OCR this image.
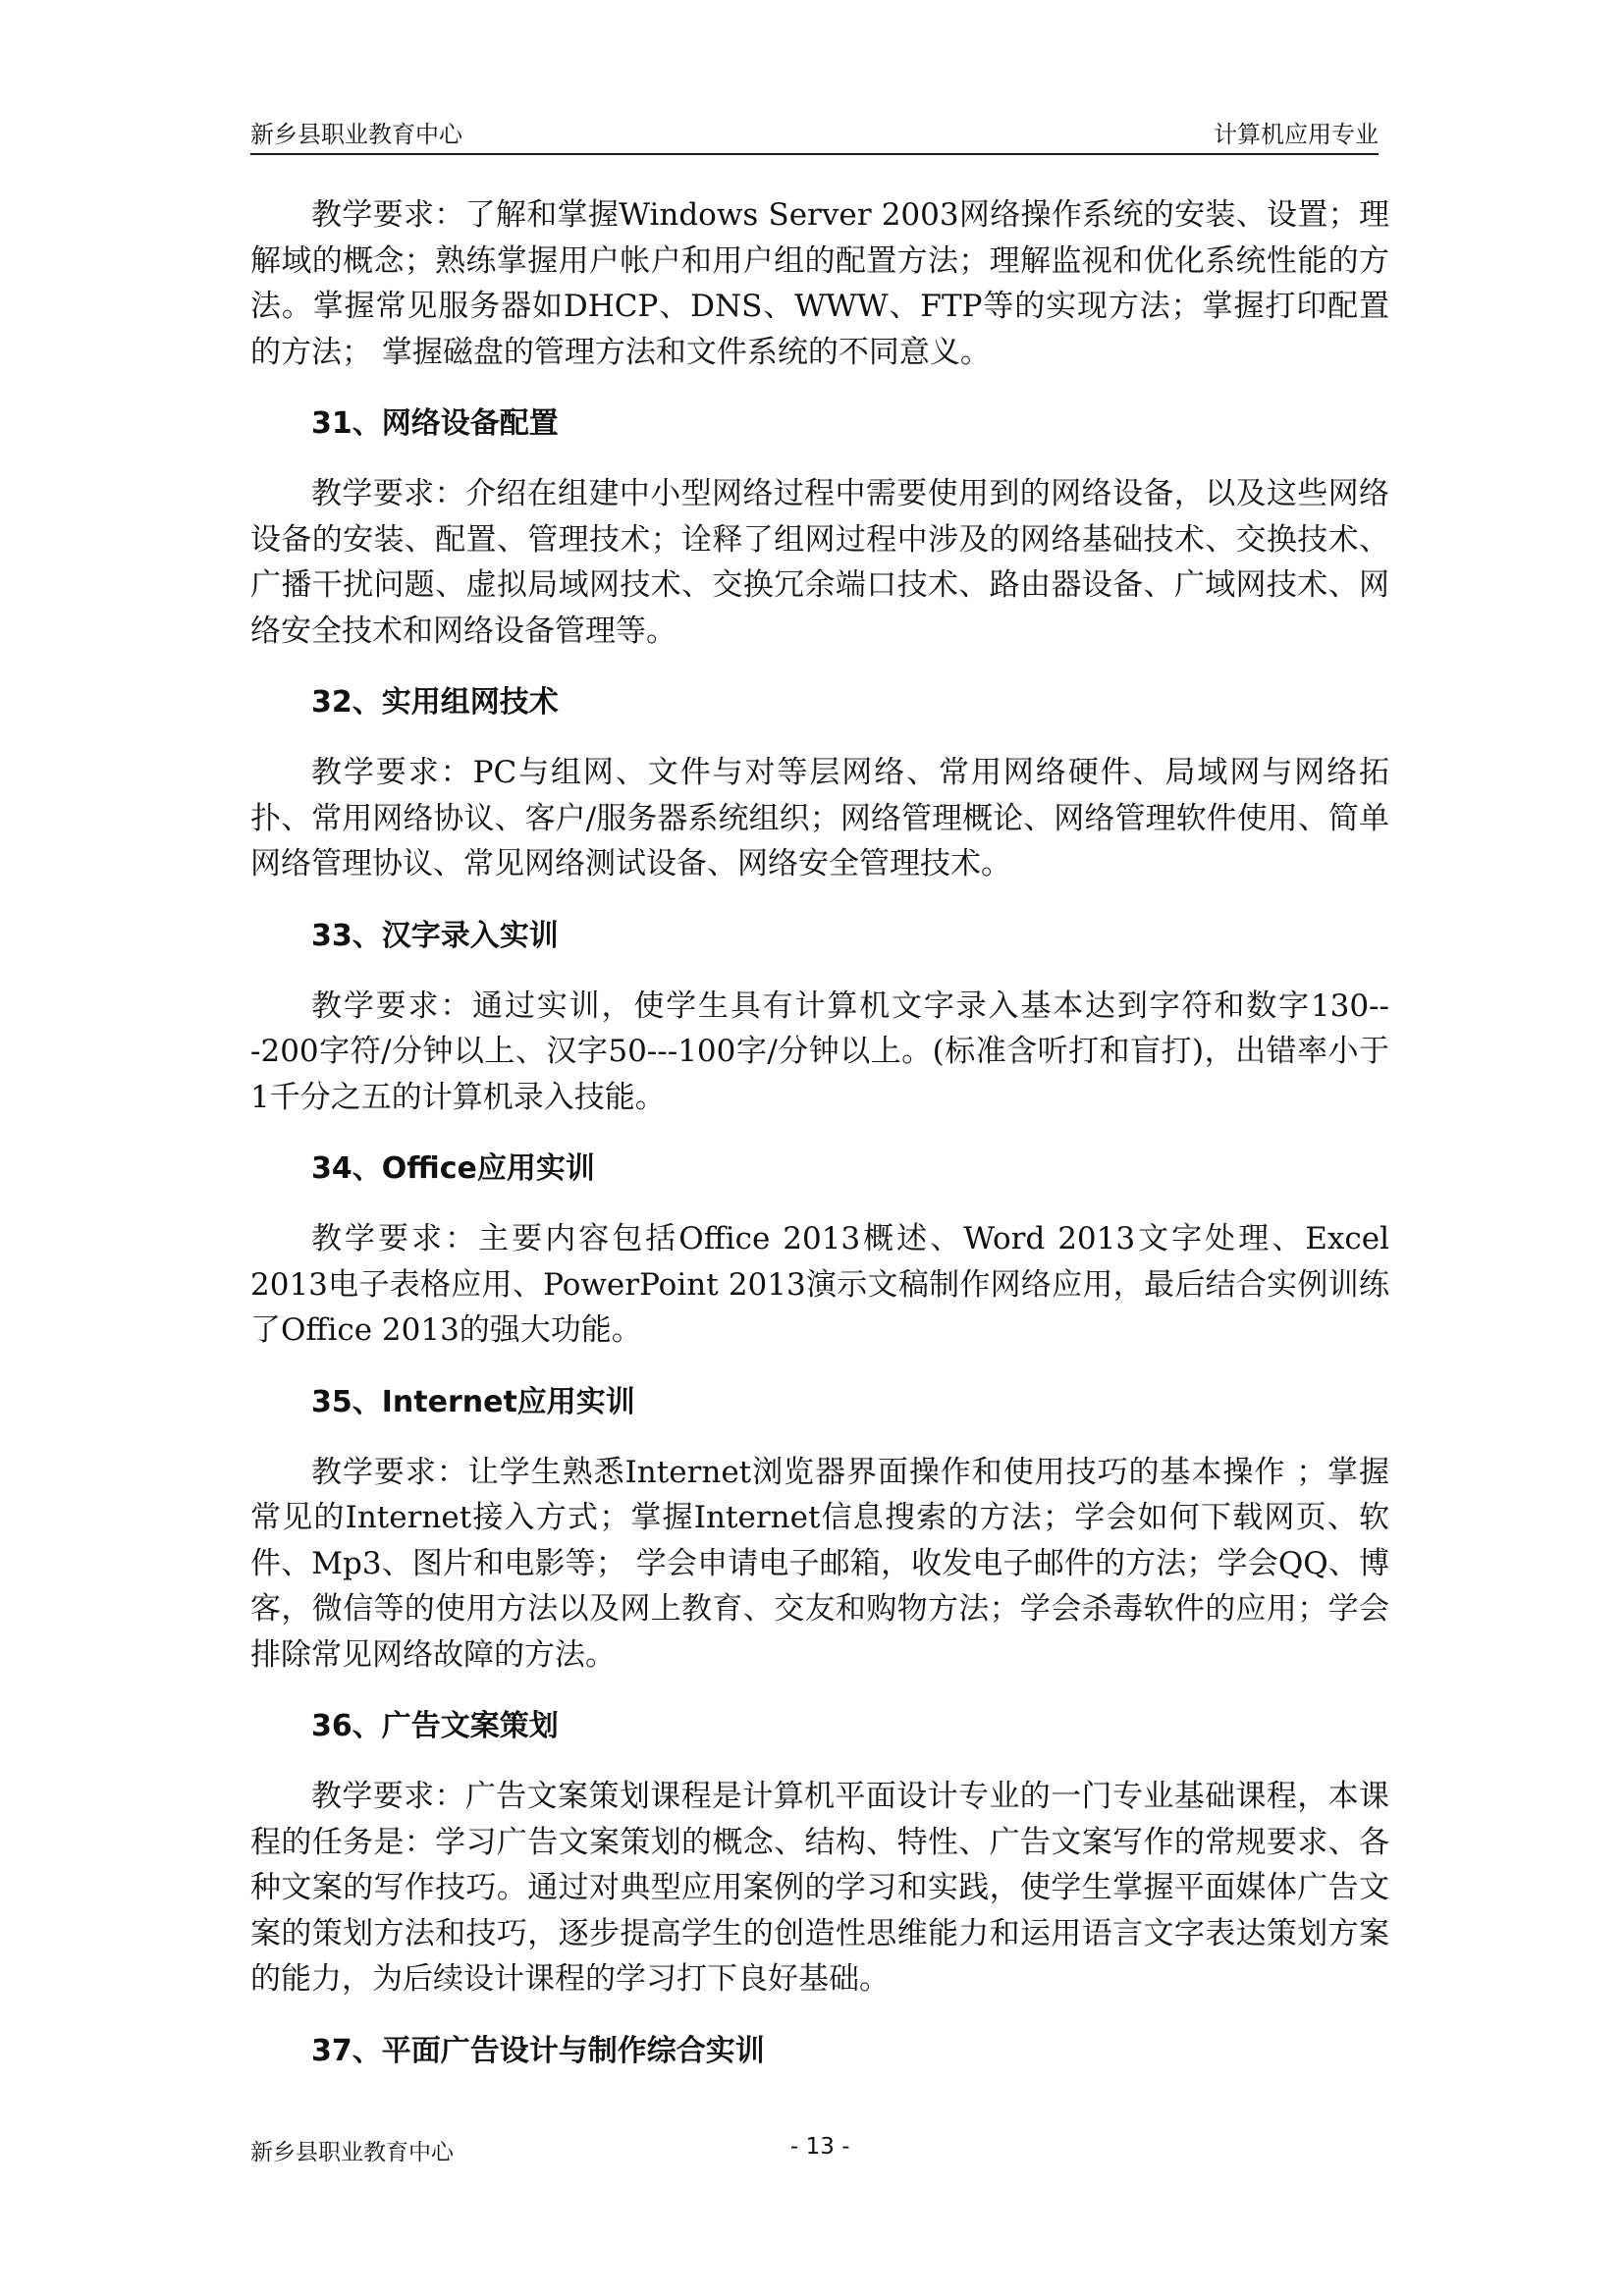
新乡县职业教育中心	计算机应用专业

教学要求：了解和掌握Windows Server 2003网络操作系统的安装、设置；理解域的概念；熟练掌握用户帐户和用户组的配置方法；理解监视和优化系统性能的方法。掌握常见服务器如DHCP、DNS、WWW、FTP等的实现方法；掌握打印配置的方法； 掌握磁盘的管理方法和文件系统的不同意义。

31、网络设备配置

教学要求：介绍在组建中小型网络过程中需要使用到的网络设备，以及这些网络设备的安装、配置、管理技术；诠释了组网过程中涉及的网络基础技术、交换技术、广播干扰问题、虚拟局域网技术、交换冗余端口技术、路由器设备、广域网技术、网络安全技术和网络设备管理等。

32、实用组网技术

教学要求：PC与组网、文件与对等层网络、常用网络硬件、局域网与网络拓扑、常用网络协议、客户/服务器系统组织；网络管理概论、网络管理软件使用、简单网络管理协议、常见网络测试设备、网络安全管理技术。

33、汉字录入实训

教学要求：通过实训，使学生具有计算机文字录入基本达到字符和数字130---200字符/分钟以上、汉字50---100字/分钟以上。(标准含听打和盲打)，出错率小于1千分之五的计算机录入技能。

34、Office应用实训

教学要求：主要内容包括Office 2013概述、Word 2013文字处理、Excel 2013电子表格应用、PowerPoint 2013演示文稿制作网络应用，最后结合实例训练了Office 2013的强大功能。

35、Internet应用实训

教学要求：让学生熟悉Internet浏览器界面操作和使用技巧的基本操作 ；掌握常见的Internet接入方式；掌握Internet信息搜索的方法；学会如何下载网页、软件、Mp3、图片和电影等； 学会申请电子邮箱，收发电子邮件的方法；学会QQ、博客，微信等的使用方法以及网上教育、交友和购物方法；学会杀毒软件的应用；学会排除常见网络故障的方法。

36、广告文案策划

教学要求：广告文案策划课程是计算机平面设计专业的一门专业基础课程，本课程的任务是：学习广告文案策划的概念、结构、特性、广告文案写作的常规要求、各种文案的写作技巧。通过对典型应用案例的学习和实践，使学生掌握平面媒体广告文案的策划方法和技巧，逐步提高学生的创造性思维能力和运用语言文字表达策划方案的能力，为后续设计课程的学习打下良好基础。

37、平面广告设计与制作综合实训
新乡县职业教育中心	- 13 -
